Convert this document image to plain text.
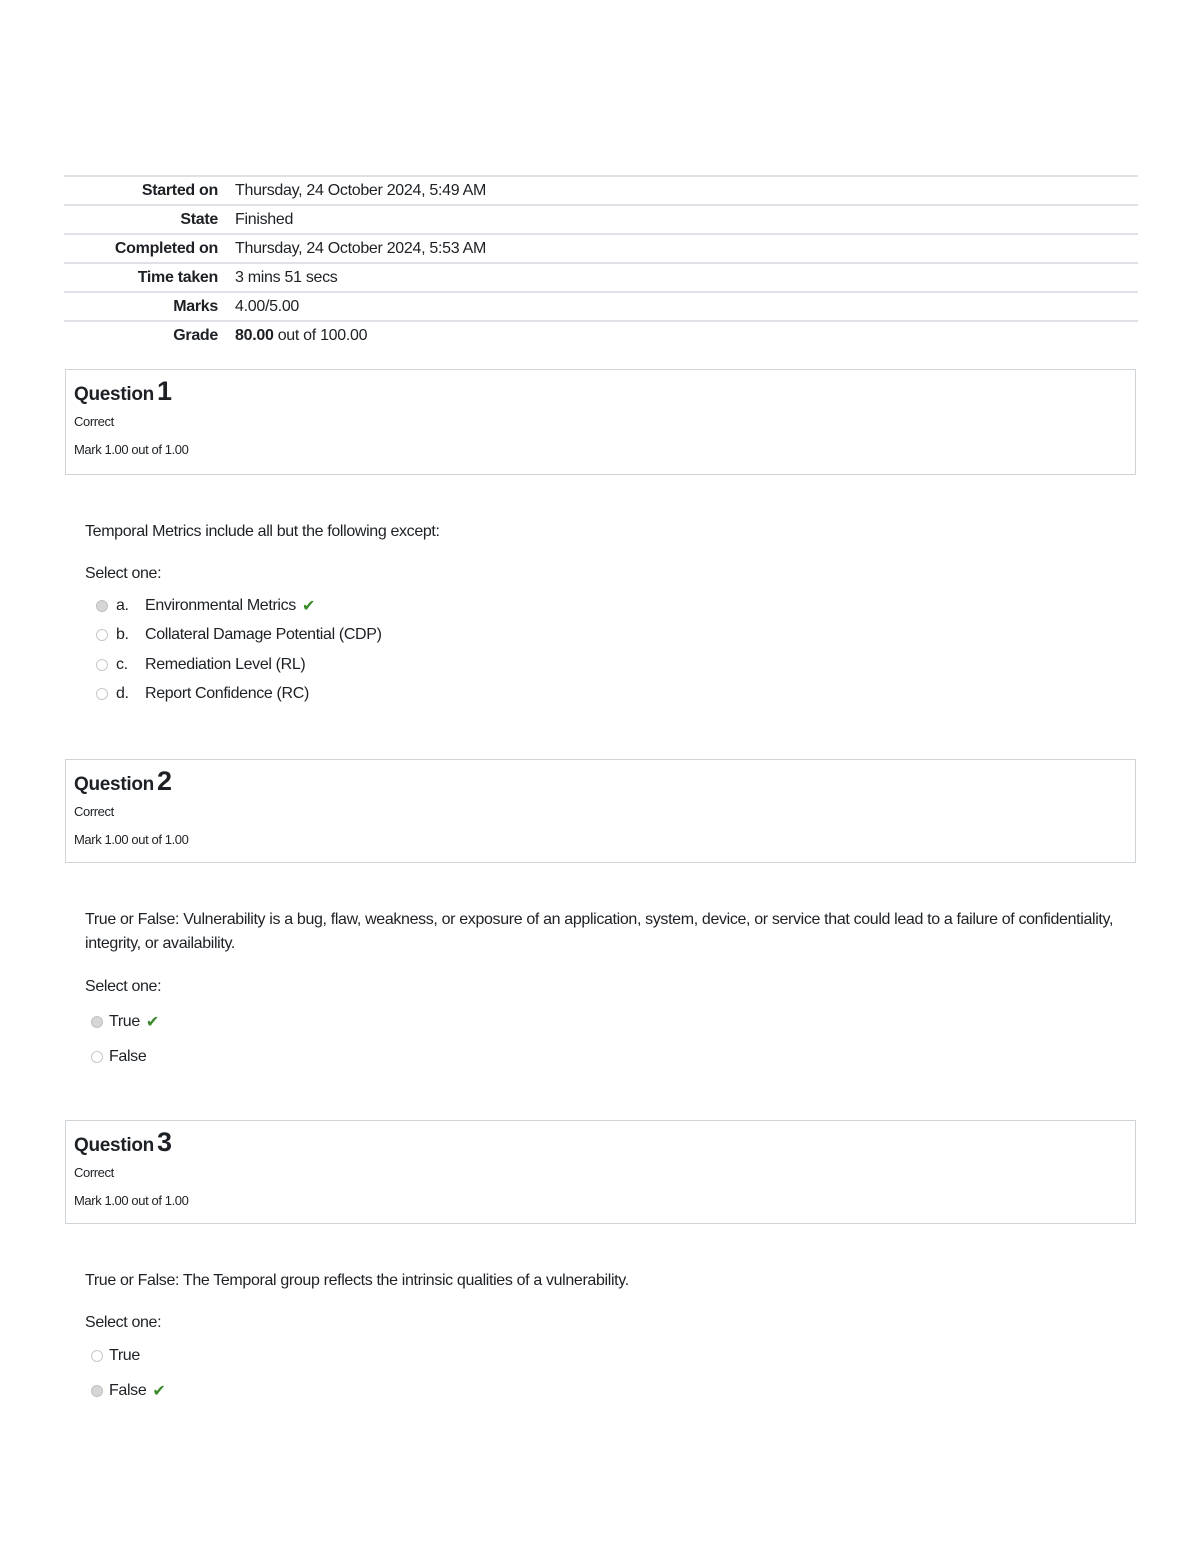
Started on	Thursday, 24 October 2024, 5:49 AM
State	Finished
Completed on	Thursday, 24 October 2024, 5:53 AM
Time taken	3 mins 51 secs
Marks	4.00/5.00
Grade	80.00 out of 100.00
Question 1
Correct
Mark 1.00 out of 1.00
Temporal Metrics include all but the following except:
Select one:
a.	Environmental Metrics ✔
b.	Collateral Damage Potential (CDP)
c.	Remediation Level (RL)
d.	Report Confidence (RC)
Question 2
Correct
Mark 1.00 out of 1.00
True or False: Vulnerability is a bug, flaw, weakness, or exposure of an application, system, device, or service that could lead to a failure of confidentiality, integrity, or availability.
Select one:
True ✔
False
Question 3
Correct
Mark 1.00 out of 1.00
True or False: The Temporal group reflects the intrinsic qualities of a vulnerability.
Select one:
True
False ✔
